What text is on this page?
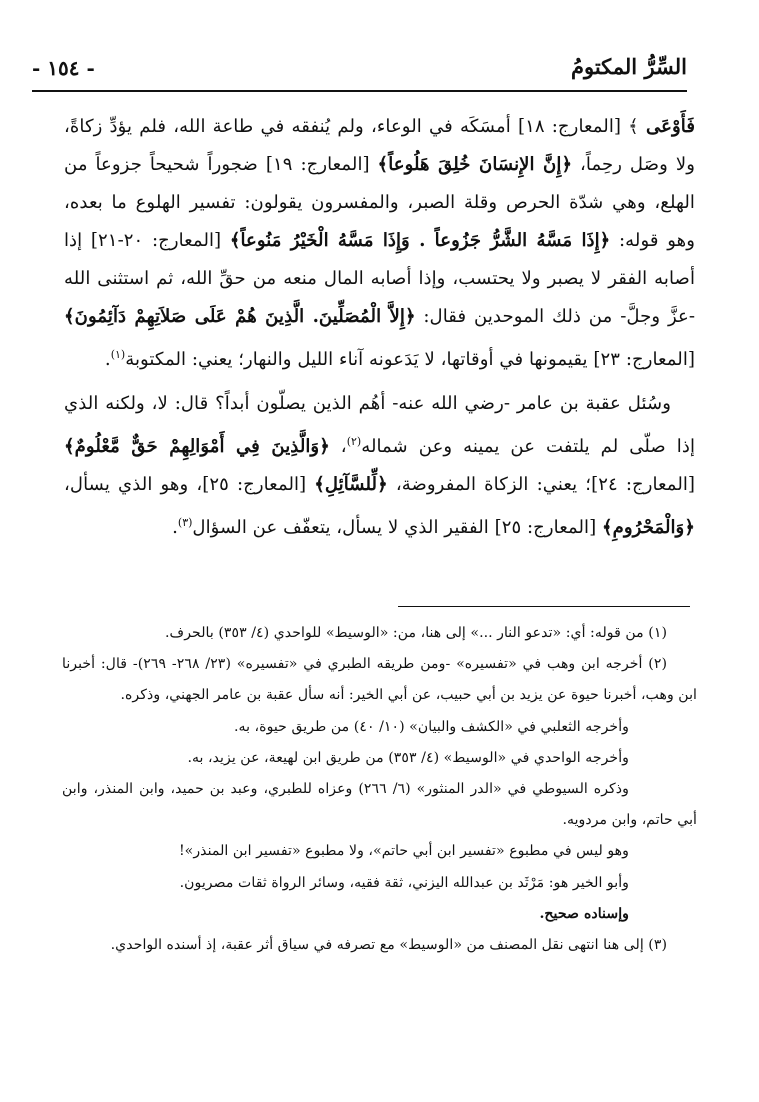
السِّرُّ المكتومُ
- ١٥٤ -

فَأَوْعَى ﴾ [المعارج: ١٨] أمسَكَه في الوعاء، ولم يُنفقه في طاعة الله، فلم يؤدِّ زكاةً، ولا وصَل رحِماً، ﴿إِنَّ الإِنسَانَ خُلِقَ هَلُوعاً﴾ [المعارج: ١٩] ضجوراً شحيحاً جزوعاً من الهلع، وهي شدّة الحرص وقلة الصبر، والمفسرون يقولون: تفسير الهلوع ما بعده، وهو قوله: ﴿إِذَا مَسَّهُ الشَّرُّ جَزُوعاً . وَإِذَا مَسَّهُ الْخَيْرُ مَنُوعاً﴾ [المعارج: ٢٠-٢١] إذا أصابه الفقر لا يصبر ولا يحتسب، وإذا أصابه المال منعه من حقِّ الله، ثم استثنى الله -عزَّ وجلَّ- من ذلك الموحدين فقال: ﴿إِلاَّ الْمُصَلِّينَ. الَّذِينَ هُمْ عَلَى صَلاَتِهِمْ دَآئِمُونَ﴾ [المعارج: ٢٣] يقيمونها في أوقاتها، لا يَدَعونه آناء الليل والنهار؛ يعني: المكتوبة$^{(١)}$.

وسُئل عقبة بن عامر -رضي الله عنه- أهُم الذين يصلّون أبداً؟ قال: لا، ولكنه الذي إذا صلّى لم يلتفت عن يمينه وعن شماله$^{(٢)}$، ﴿وَالَّذِينَ فِي أَمْوَالِهِمْ حَقٌّ مَّعْلُومٌ﴾ [المعارج: ٢٤]؛ يعني: الزكاة المفروضة، ﴿لِّلسَّآئِلِ﴾ [المعارج: ٢٥]، وهو الذي يسأل، ﴿وَالْمَحْرُومِ﴾ [المعارج: ٢٥] الفقير الذي لا يسأل، يتعفّف عن السؤال$^{(٣)}$.

(١) من قوله: أي: «تدعو النار ...» إلى هنا، من: «الوسيط» للواحدي (٤/ ٣٥٣) بالحرف.

(٢) أخرجه ابن وهب في «تفسيره» -ومن طريقه الطبري في «تفسيره» (٢٣/ ٢٦٨- ٢٦٩)- قال: أخبرنا ابن وهب، أخبرنا حيوة عن يزيد بن أبي حبيب، عن أبي الخير: أنه سأل عقبة بن عامر الجهني، وذكره.

وأخرجه الثعلبي في «الكشف والبيان» (١٠/ ٤٠) من طريق حيوة، به.

وأخرجه الواحدي في «الوسيط» (٤/ ٣٥٣) من طريق ابن لهيعة، عن يزيد، به.

وذكره السيوطي في «الدر المنثور» (٦/ ٢٦٦) وعزاه للطبري، وعبد بن حميد، وابن المنذر، وابن أبي حاتم، وابن مردويه.

وهو ليس في مطبوع «تفسير ابن أبي حاتم»، ولا مطبوع «تفسير ابن المنذر»!

وأبو الخير هو: مَرْثَد بن عبدالله اليزني، ثقة فقيه، وسائر الرواة ثقات مصريون.

وإسناده صحيح.

(٣) إلى هنا انتهى نقل المصنف من «الوسيط» مع تصرفه في سياق أثر عقبة، إذ أسنده الواحدي.
